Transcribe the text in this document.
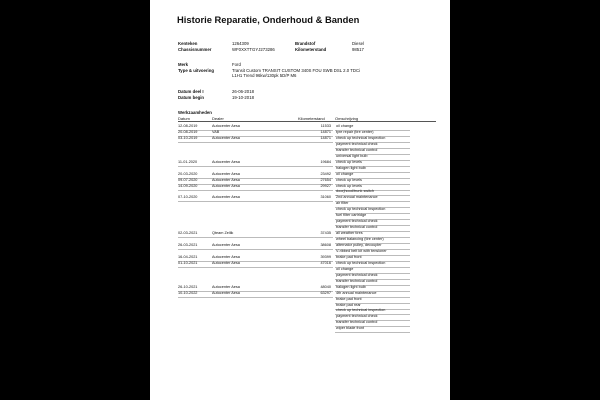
Historie Reparatie, Onderhoud & Banden
Kenteken	1264309	Brandstof	Diesel
Chassisnummer	WF0XXTTGYJ273286	Kilometerstand	98517
Merk	Ford
Type & uitvoering	Transit Custom TRANSIT CUSTOM 340S FOU SWB DSL 2.0 TDCi
L1H1 Trend 96kw/130pk 5D/P M6
Datum deel I	26-06-2018
Datum begin	19-10-2018
Werkzaamheden
Datum	Dealer	Kilometerstand	Omschrijving
12-08-2019	Autocenter Aesa	11533 oil change
20-08-2019	VAB	14871 tyre repair (tire center)
03-10-2019	Autocenter Aesa	14871 check up technical inspection
payment technical check
transfer technical control
universal light bulb
11-01-2020	Autocenter Aesa	19684 check up levels
halogen light bulb
20-03-2020	Autocenter Aesa	23492 oil change
09-07-2020	Autocenter Aesa	27654 check up levels
14-09-2020	Autocenter Aesa	29927 check up levels
doorjhood/trunk switch
07-10-2020	Autocenter Aesa	31060 2nd annual maintenance
air filter
check up technical inspection
fuel filter cartridge
payment technical check
transfer technical control
02-03-2021	Qteam Zellik	37435 all weather tires
wheel balancing (tire center)
26-03-2021	Autocenter Aesa	38608 alternator pulley, decoupler
V-ribbed belt kit with tensioner
16-04-2021	Autocenter Aesa	39399 brake pad front
01-10-2021	Autocenter Aesa	47016 check up technical inspection
oil change
payment technical check
transfer technical control
26-10-2021	Autocenter Aesa	48040 halogen light bulb
10-10-2022	Autocenter Aesa	63297 4th annual maintenance
brake pad front
brake pad rear
check up technical inspection
payment technical check
transfer technical control
wiper blade front
